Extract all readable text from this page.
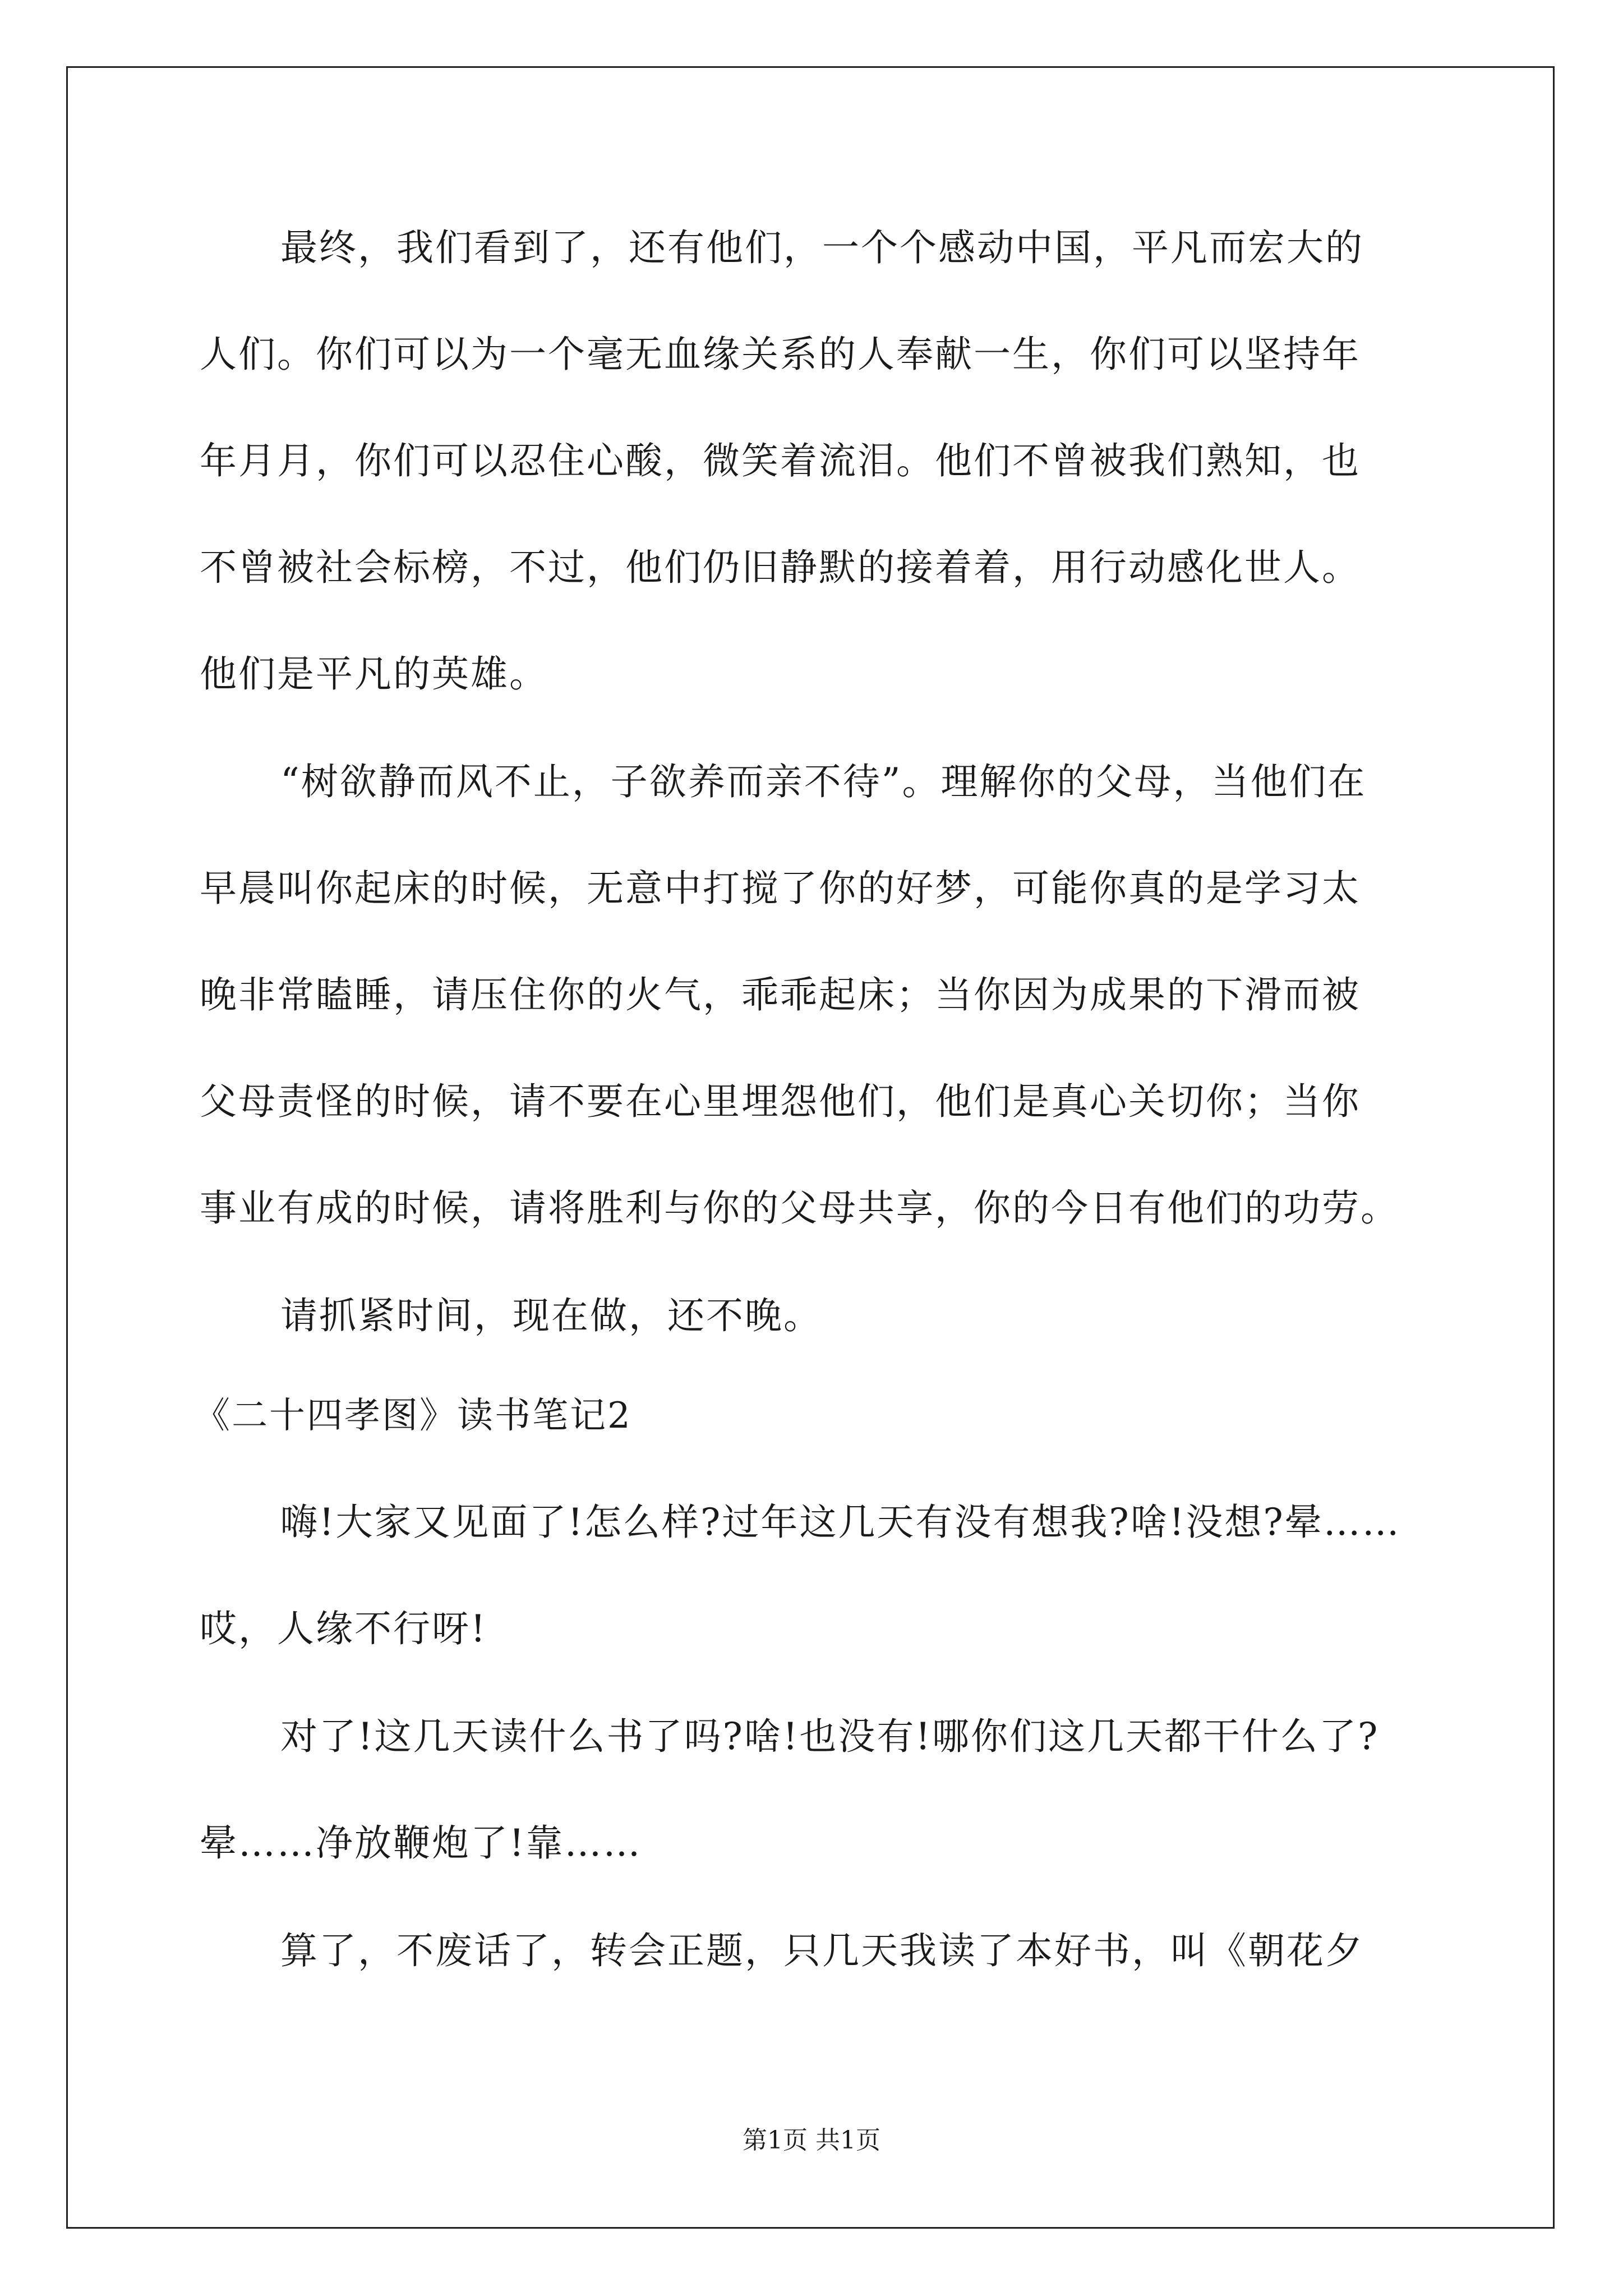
最终，我们看到了，还有他们，一个个感动中国，平凡而宏大的
人们。你们可以为一个毫无血缘关系的人奉献一生，你们可以坚持年
年月月，你们可以忍住心酸，微笑着流泪。他们不曾被我们熟知，也
不曾被社会标榜，不过，他们仍旧静默的接着着，用行动感化世人。
他们是平凡的英雄。
“树欲静而风不止，子欲养而亲不待”。理解你的父母，当他们在
早晨叫你起床的时候，无意中打搅了你的好梦，可能你真的是学习太
晚非常瞌睡，请压住你的火气，乖乖起床；当你因为成果的下滑而被
父母责怪的时候，请不要在心里埋怨他们，他们是真心关切你；当你
事业有成的时候，请将胜利与你的父母共享，你的今日有他们的功劳。
请抓紧时间，现在做，还不晚。
《二十四孝图》读书笔记2
嗨!大家又见面了!怎么样?过年这几天有没有想我?啥!没想?晕……
哎，人缘不行呀!
对了!这几天读什么书了吗?啥!也没有!哪你们这几天都干什么了?
晕……净放鞭炮了!靠……
算了，不废话了，转会正题，只几天我读了本好书，叫《朝花夕
第1页 共1页
